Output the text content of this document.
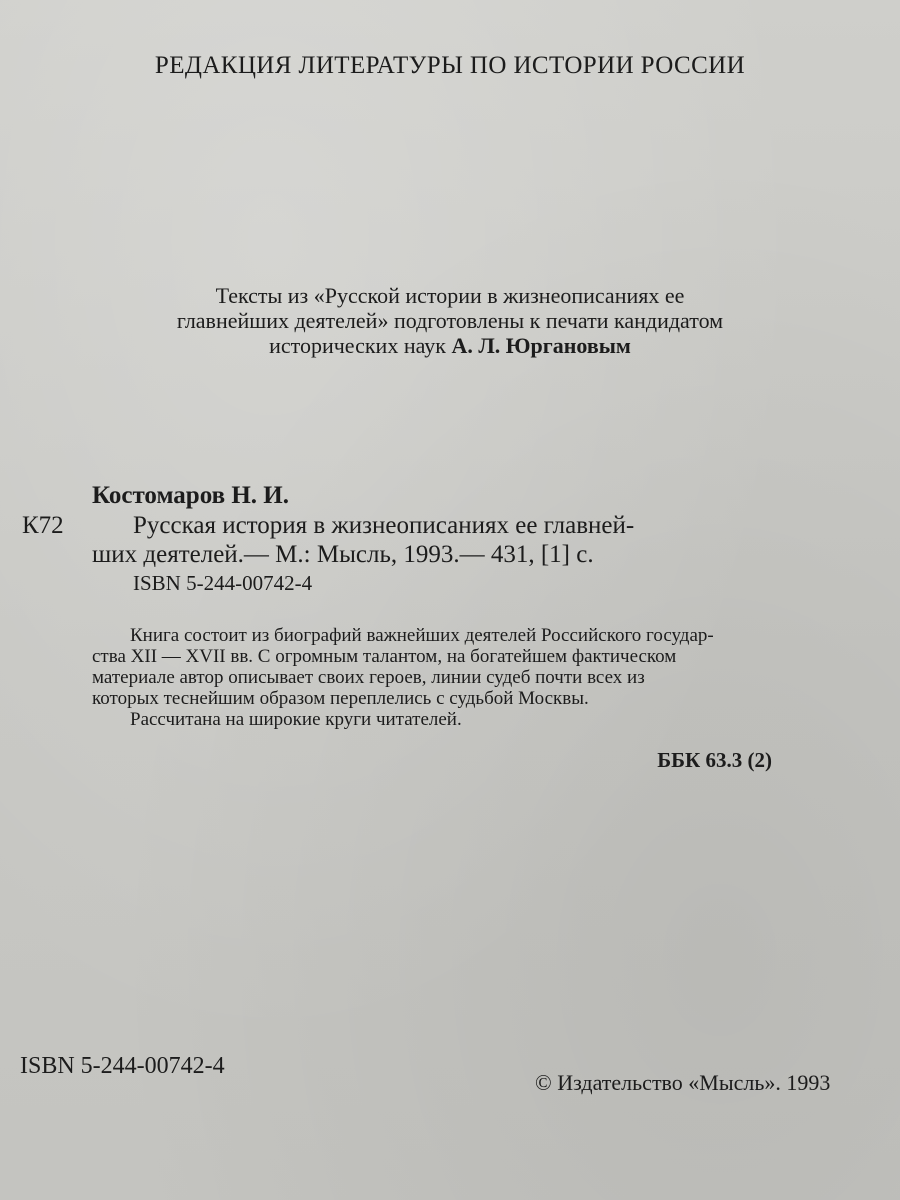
РЕДАКЦИЯ ЛИТЕРАТУРЫ ПО ИСТОРИИ РОССИИ
Тексты из «Русской истории в жизнеописаниях ее
главнейших деятелей» подготовлены к печати кандидатом
исторических наук А. Л. Юргановым
Костомаров Н. И.
К72	Русская история в жизнеописаниях ее главней-
ших деятелей.— М.: Мысль, 1993.— 431, [1] с.
ISBN 5-244-00742-4
Книга состоит из биографий важнейших деятелей Российского государ-
ства XII — XVII вв. С огромным талантом, на богатейшем фактическом
материале автор описывает своих героев, линии судеб почти всех из
которых теснейшим образом переплелись с судьбой Москвы.
Рассчитана на широкие круги читателей.
ББК 63.3 (2)
ISBN 5-244-00742-4
© Издательство «Мысль». 1993
